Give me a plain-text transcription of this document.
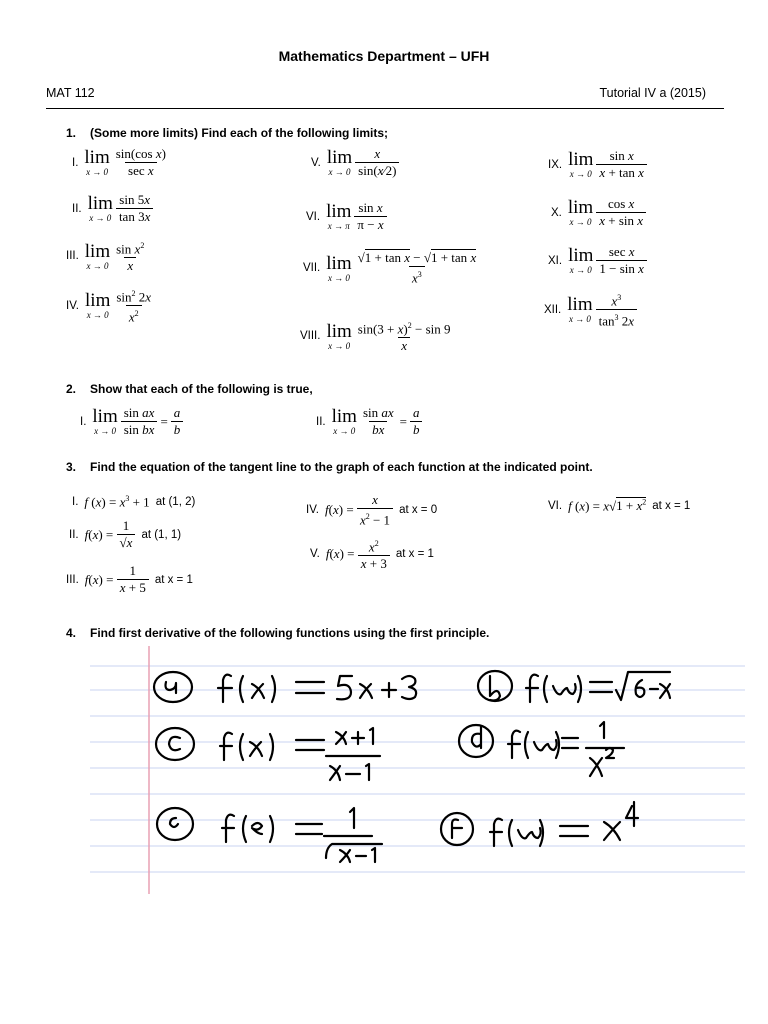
Mathematics Department – UFH
MAT 112	Tutorial IV a (2015)
1. (Some more limits) Find each of the following limits;
I. lim
$x \to 0 \frac{\text{sin(cos x)}}{\text{sec x}}$
II. lim
$x \to 0 \frac{\sin 5x}{\tan 3x}$
III. lim
$x \to 0 \frac{\sin x^2}{x}$
IV. lim
$x \to 0 \frac{\sin^2 2x}{x^2}$
V. lim
$x \to 0 \frac{x}{\sin(x⁄2)}$
VI. lim
x → π $\frac{\text{sin x}}{\pi - x}$
VII. lim
$x \to 0 \frac{\text{√1 + tan x − √1 + tan x}}{x^3}$
VIII. lim
$x \to 0 \frac{\sin(3 + x)^2 - \sin 9}{x}$
IX. lim
$x \to 0 \frac{\text{sin x}}{\text{x + tan x}}$
X. lim
$x \to 0 \frac{\text{cos x}}{\text{x + sin x}}$
XI. lim
$x \to 0 \frac{\text{sec x}}{\text{1 − sin x}}$
XII. lim
$x \to 0 \frac{x^3}{\tan^3 2x}$
2. Show that each of the following is true,
I. lim
$x \to 0 \frac{\text{sin ax}}{\text{sin bx}} = \frac{a}{b}$	II. lim
$x \to 0 \frac{\text{sin ax}}{bx} = \frac{a}{b}$
3. Find the equation of the tangent line to the graph of each function at the indicated point.
I. f $(x) = x^3 + 1$ at (1, 2)
II. f ( x ) = $\frac{1}{√x}$ at (1, 1)
III. f ( x ) = $\frac{1}{x + 5}$ at x = 1
IV. f ( x ) = $\frac{x}{x^2 - 1}$ at x = 0
V. f ( x ) = $\frac{x^2}{x + 3}$ at x = 1
VI. f $(x) = x√1 + x^2$ at x = 1
4. Find first derivative of the following functions using the first principle.
